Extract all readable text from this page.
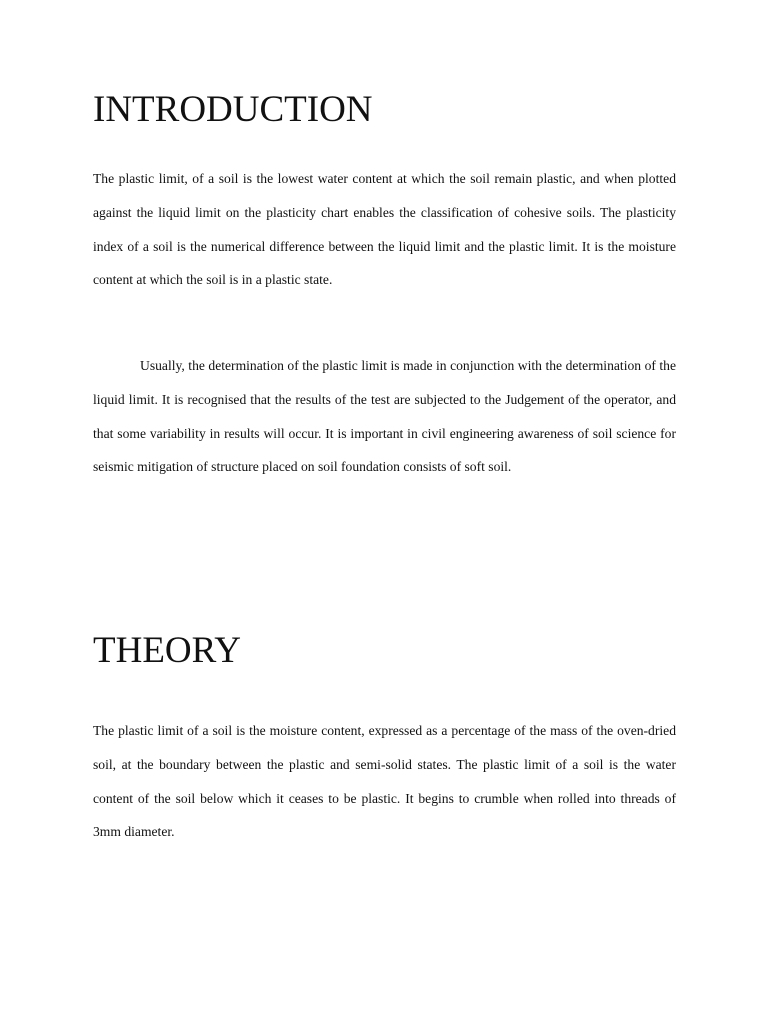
INTRODUCTION

The plastic limit, of a soil is the lowest water content at which the soil remain plastic, and when plotted against the liquid limit on the plasticity chart enables the classification of cohesive soils. The plasticity index of a soil is the numerical difference between the liquid limit and the plastic limit. It is the moisture content at which the soil is in a plastic state.

Usually, the determination of the plastic limit is made in conjunction with the determination of the liquid limit. It is recognised that the results of the test are subjected to the Judgement of the operator, and that some variability in results will occur. It is important in civil engineering awareness of soil science for seismic mitigation of structure placed on soil foundation consists of soft soil.

THEORY

The plastic limit of a soil is the moisture content, expressed as a percentage of the mass of the oven-dried soil, at the boundary between the plastic and semi-solid states. The plastic limit of a soil is the water content of the soil below which it ceases to be plastic. It begins to crumble when rolled into threads of 3mm diameter.
